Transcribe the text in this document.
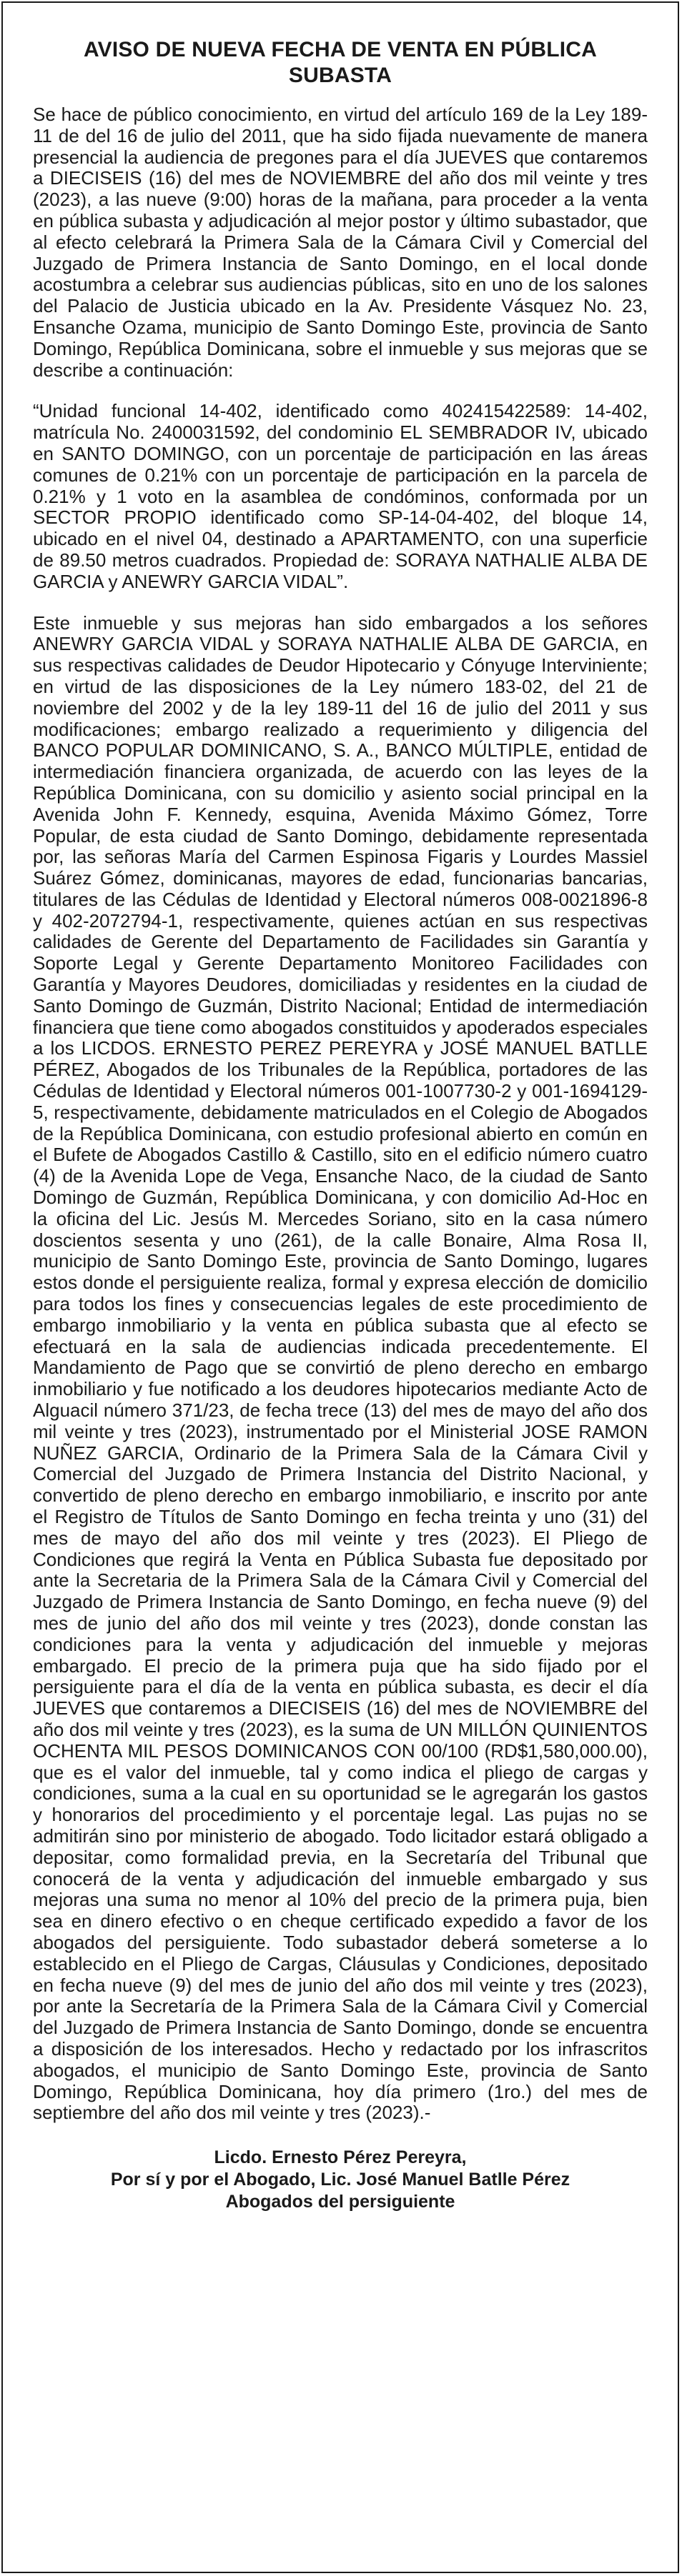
AVISO DE NUEVA FECHA DE VENTA EN PÚBLICA SUBASTA

Se hace de público conocimiento, en virtud del artículo 169 de la Ley 189-11 de del 16 de julio del 2011, que ha sido fijada nuevamente de manera presencial la audiencia de pregones para el día JUEVES que contaremos a DIECISEIS (16) del mes de NOVIEMBRE del año dos mil veinte y tres (2023), a las nueve (9:00) horas de la mañana, para proceder a la venta en pública subasta y adjudicación al mejor postor y último subastador, que al efecto celebrará la Primera Sala de la Cámara Civil y Comercial del Juzgado de Primera Instancia de Santo Domingo, en el local donde acostumbra a celebrar sus audiencias públicas, sito en uno de los salones del Palacio de Justicia ubicado en la Av. Presidente Vásquez No. 23, Ensanche Ozama, municipio de Santo Domingo Este, provincia de Santo Domingo, República Dominicana, sobre el inmueble y sus mejoras que se describe a continuación:

“Unidad funcional 14-402, identificado como 402415422589: 14-402, matrícula No. 2400031592, del condominio EL SEMBRADOR IV, ubicado en SANTO DOMINGO, con un porcentaje de participación en las áreas comunes de 0.21% con un porcentaje de participación en la parcela de 0.21% y 1 voto en la asamblea de condóminos, conformada por un SECTOR PROPIO identificado como SP-14-04-402, del bloque 14, ubicado en el nivel 04, destinado a APARTAMENTO, con una superficie de 89.50 metros cuadrados. Propiedad de: SORAYA NATHALIE ALBA DE GARCIA y ANEWRY GARCIA VIDAL”.

Este inmueble y sus mejoras han sido embargados a los señores ANEWRY GARCIA VIDAL y SORAYA NATHALIE ALBA DE GARCIA, en sus respectivas calidades de Deudor Hipotecario y Cónyuge Interviniente; en virtud de las disposiciones de la Ley número 183-02, del 21 de noviembre del 2002 y de la ley 189-11 del 16 de julio del 2011 y sus modificaciones; embargo realizado a requerimiento y diligencia del BANCO POPULAR DOMINICANO, S. A., BANCO MÚLTIPLE, entidad de intermediación financiera organizada, de acuerdo con las leyes de la República Dominicana, con su domicilio y asiento social principal en la Avenida John F. Kennedy, esquina, Avenida Máximo Gómez, Torre Popular, de esta ciudad de Santo Domingo, debidamente representada por, las señoras María del Carmen Espinosa Figaris y Lourdes Massiel Suárez Gómez, dominicanas, mayores de edad, funcionarias bancarias, titulares de las Cédulas de Identidad y Electoral números 008-0021896-8 y 402-2072794-1, respectivamente, quienes actúan en sus respectivas calidades de Gerente del Departamento de Facilidades sin Garantía y Soporte Legal y Gerente Departamento Monitoreo Facilidades con Garantía y Mayores Deudores, domiciliadas y residentes en la ciudad de Santo Domingo de Guzmán, Distrito Nacional; Entidad de intermediación financiera que tiene como abogados constituidos y apoderados especiales a los LICDOS. ERNESTO PEREZ PEREYRA y JOSÉ MANUEL BATLLE PÉREZ, Abogados de los Tribunales de la República, portadores de las Cédulas de Identidad y Electoral números 001-1007730-2 y 001-1694129-5, respectivamente, debidamente matriculados en el Colegio de Abogados de la República Dominicana, con estudio profesional abierto en común en el Bufete de Abogados Castillo & Castillo, sito en el edificio número cuatro (4) de la Avenida Lope de Vega, Ensanche Naco, de la ciudad de Santo Domingo de Guzmán, República Dominicana, y con domicilio Ad-Hoc en la oficina del Lic. Jesús M. Mercedes Soriano, sito en la casa número doscientos sesenta y uno (261), de la calle Bonaire, Alma Rosa II, municipio de Santo Domingo Este, provincia de Santo Domingo, lugares estos donde el persiguiente realiza, formal y expresa elección de domicilio para todos los fines y consecuencias legales de este procedimiento de embargo inmobiliario y la venta en pública subasta que al efecto se efectuará en la sala de audiencias indicada precedentemente. El Mandamiento de Pago que se convirtió de pleno derecho en embargo inmobiliario y fue notificado a los deudores hipotecarios mediante Acto de Alguacil número 371/23, de fecha trece (13) del mes de mayo del año dos mil veinte y tres (2023), instrumentado por el Ministerial JOSE RAMON NUÑEZ GARCIA, Ordinario de la Primera Sala de la Cámara Civil y Comercial del Juzgado de Primera Instancia del Distrito Nacional, y convertido de pleno derecho en embargo inmobiliario, e inscrito por ante el Registro de Títulos de Santo Domingo en fecha treinta y uno (31) del mes de mayo del año dos mil veinte y tres (2023). El Pliego de Condiciones que regirá la Venta en Pública Subasta fue depositado por ante la Secretaria de la Primera Sala de la Cámara Civil y Comercial del Juzgado de Primera Instancia de Santo Domingo, en fecha nueve (9) del mes de junio del año dos mil veinte y tres (2023), donde constan las condiciones para la venta y adjudicación del inmueble y mejoras embargado. El precio de la primera puja que ha sido fijado por el persiguiente para el día de la venta en pública subasta, es decir el día JUEVES que contaremos a DIECISEIS (16) del mes de NOVIEMBRE del año dos mil veinte y tres (2023), es la suma de UN MILLÓN QUINIENTOS OCHENTA MIL PESOS DOMINICANOS CON 00/100 (RD$1,580,000.00), que es el valor del inmueble, tal y como indica el pliego de cargas y condiciones, suma a la cual en su oportunidad se le agregarán los gastos y honorarios del procedimiento y el porcentaje legal. Las pujas no se admitirán sino por ministerio de abogado. Todo licitador estará obligado a depositar, como formalidad previa, en la Secretaría del Tribunal que conocerá de la venta y adjudicación del inmueble embargado y sus mejoras una suma no menor al 10% del precio de la primera puja, bien sea en dinero efectivo o en cheque certificado expedido a favor de los abogados del persiguiente. Todo subastador deberá someterse a lo establecido en el Pliego de Cargas, Cláusulas y Condiciones, depositado en fecha nueve (9) del mes de junio del año dos mil veinte y tres (2023), por ante la Secretaría de la Primera Sala de la Cámara Civil y Comercial del Juzgado de Primera Instancia de Santo Domingo, donde se encuentra a disposición de los interesados. Hecho y redactado por los infrascritos abogados, el municipio de Santo Domingo Este, provincia de Santo Domingo, República Dominicana, hoy día primero (1ro.) del mes de septiembre del año dos mil veinte y tres (2023).-

Licdo. Ernesto Pérez Pereyra,
Por sí y por el Abogado, Lic. José Manuel Batlle Pérez
Abogados del persiguiente
